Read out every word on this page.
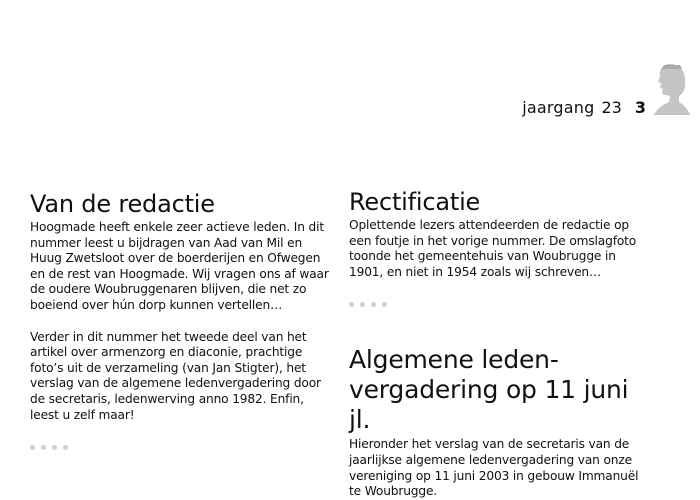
jaargang 23 3
Van de redactie

Hoogmade heeft enkele zeer actieve leden. In dit nummer leest u bijdragen van Aad van Mil en Huug Zwetsloot over de boerderijen en Ofwegen en de rest van Hoogmade. Wij vragen ons af waar de oudere Woubruggenaren blijven, die net zo boeiend over hún dorp kunnen vertellen…

Verder in dit nummer het tweede deel van het artikel over armenzorg en diaconie, prachtige foto’s uit de verzameling (van Jan Stigter), het verslag van de algemene ledenvergadering door de secretaris, ledenwerving anno 1982. Enfin, leest u zelf maar!

Rectificatie

Oplettende lezers attendeerden de redactie op een foutje in het vorige nummer. De omslagfoto toonde het gemeentehuis van Woubrugge in 1901, en niet in 1954 zoals wij schreven…

Algemene leden-
vergadering op 11 juni jl.

Hieronder het verslag van de secretaris van de jaarlijkse algemene ledenvergadering van onze vereniging op 11 juni 2003 in gebouw Immanuël te Woubrugge.
